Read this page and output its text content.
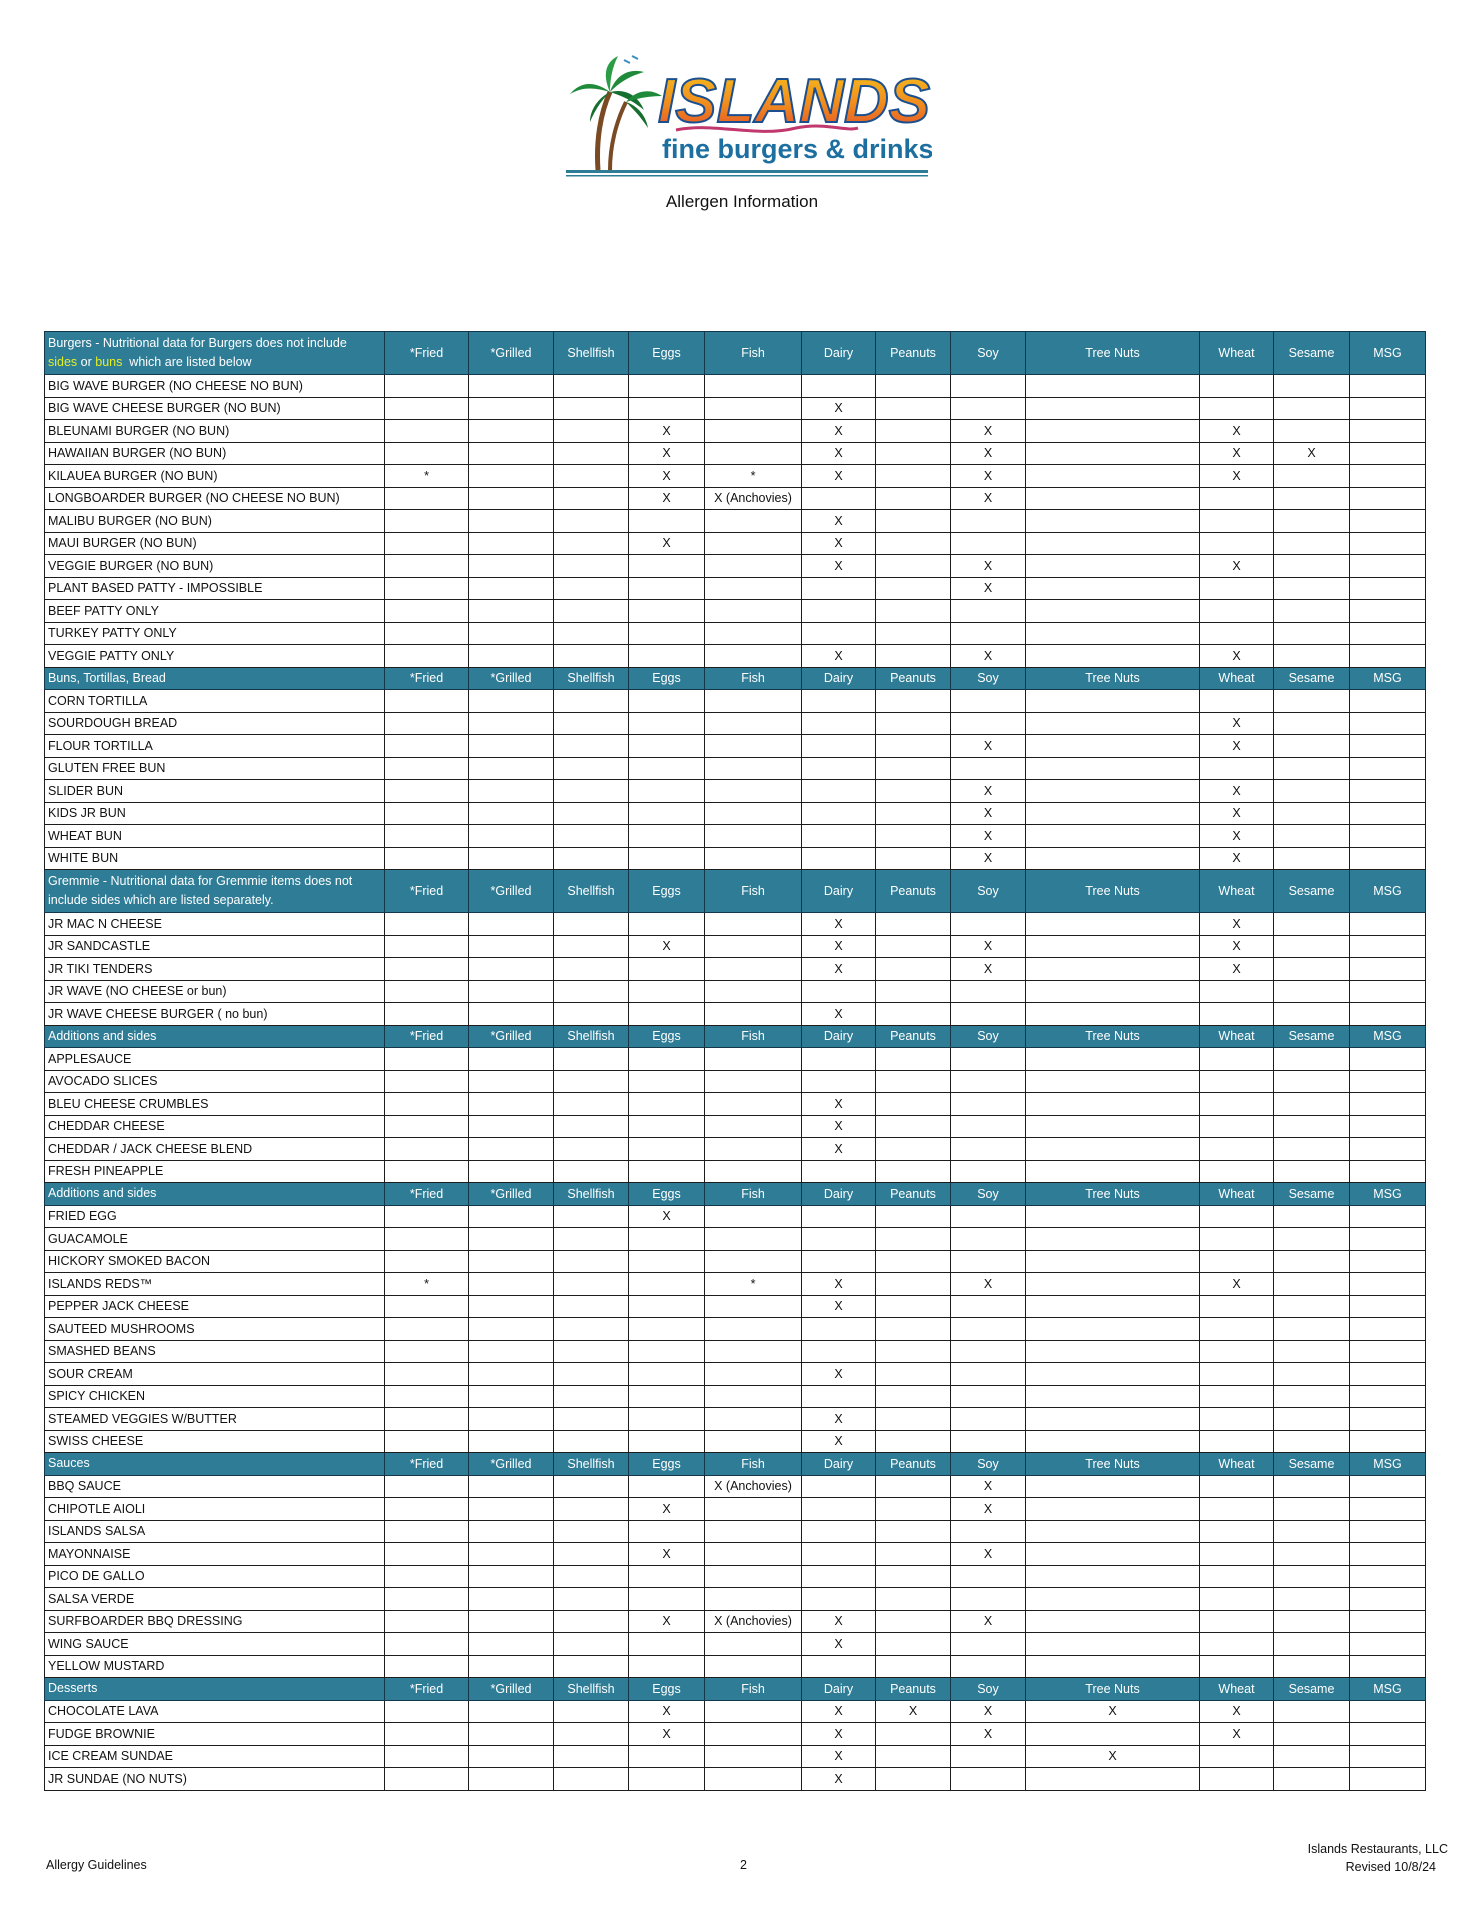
ISLANDS
fine burgers & drinks
Allergen Information
Burgers - Nutritional data for Burgers does not include
sides or buns  which are listed below	*Fried	*Grilled	Shellfish	Eggs	Fish	Dairy	Peanuts	Soy	Tree Nuts	Wheat	Sesame	MSG
BIG WAVE BURGER (NO CHEESE NO BUN)												
BIG WAVE CHEESE BURGER (NO BUN)						X						
BLEUNAMI BURGER (NO BUN)				X		X		X		X		
HAWAIIAN BURGER (NO BUN)				X		X		X		X	X	
KILAUEA BURGER (NO BUN)	*			X	*	X		X		X		
LONGBOARDER BURGER (NO CHEESE NO BUN)				X	X (Anchovies)			X				
MALIBU BURGER (NO BUN)						X						
MAUI BURGER (NO BUN)				X		X						
VEGGIE BURGER (NO BUN)						X		X		X		
PLANT BASED PATTY - IMPOSSIBLE								X				
BEEF PATTY ONLY												
TURKEY PATTY ONLY												
VEGGIE PATTY ONLY						X		X		X		
Buns, Tortillas, Bread	*Fried	*Grilled	Shellfish	Eggs	Fish	Dairy	Peanuts	Soy	Tree Nuts	Wheat	Sesame	MSG
CORN TORTILLA												
SOURDOUGH BREAD										X		
FLOUR TORTILLA								X		X		
GLUTEN FREE BUN												
SLIDER BUN								X		X		
KIDS JR BUN								X		X		
WHEAT BUN								X		X		
WHITE BUN								X		X		
Gremmie - Nutritional data for Gremmie items does not include sides which are listed separately.	*Fried	*Grilled	Shellfish	Eggs	Fish	Dairy	Peanuts	Soy	Tree Nuts	Wheat	Sesame	MSG
JR MAC N CHEESE						X				X		
JR SANDCASTLE				X		X		X		X		
JR TIKI TENDERS						X		X		X		
JR WAVE (NO CHEESE or bun)												
JR WAVE CHEESE BURGER ( no bun)						X						
Additions and sides	*Fried	*Grilled	Shellfish	Eggs	Fish	Dairy	Peanuts	Soy	Tree Nuts	Wheat	Sesame	MSG
APPLESAUCE												
AVOCADO SLICES												
BLEU CHEESE CRUMBLES						X						
CHEDDAR CHEESE						X						
CHEDDAR / JACK CHEESE BLEND						X						
FRESH PINEAPPLE												
Additions and sides	*Fried	*Grilled	Shellfish	Eggs	Fish	Dairy	Peanuts	Soy	Tree Nuts	Wheat	Sesame	MSG
FRIED EGG				X								
GUACAMOLE												
HICKORY SMOKED BACON												
ISLANDS REDS™	*				*	X		X		X		
PEPPER JACK CHEESE						X						
SAUTEED MUSHROOMS												
SMASHED BEANS												
SOUR CREAM						X						
SPICY CHICKEN												
STEAMED VEGGIES W/BUTTER						X						
SWISS CHEESE						X						
Sauces	*Fried	*Grilled	Shellfish	Eggs	Fish	Dairy	Peanuts	Soy	Tree Nuts	Wheat	Sesame	MSG
BBQ SAUCE					X (Anchovies)			X				
CHIPOTLE AIOLI				X				X				
ISLANDS SALSA												
MAYONNAISE				X				X				
PICO DE GALLO												
SALSA VERDE												
SURFBOARDER BBQ DRESSING				X	X (Anchovies)	X		X				
WING SAUCE						X						
YELLOW MUSTARD												
Desserts	*Fried	*Grilled	Shellfish	Eggs	Fish	Dairy	Peanuts	Soy	Tree Nuts	Wheat	Sesame	MSG
CHOCOLATE LAVA				X		X	X	X	X	X		
FUDGE BROWNIE				X		X		X		X		
ICE CREAM SUNDAE						X			X			
JR SUNDAE (NO NUTS)						X						
Allergy Guidelines	2
Islands Restaurants, LLC
Revised 10/8/24
